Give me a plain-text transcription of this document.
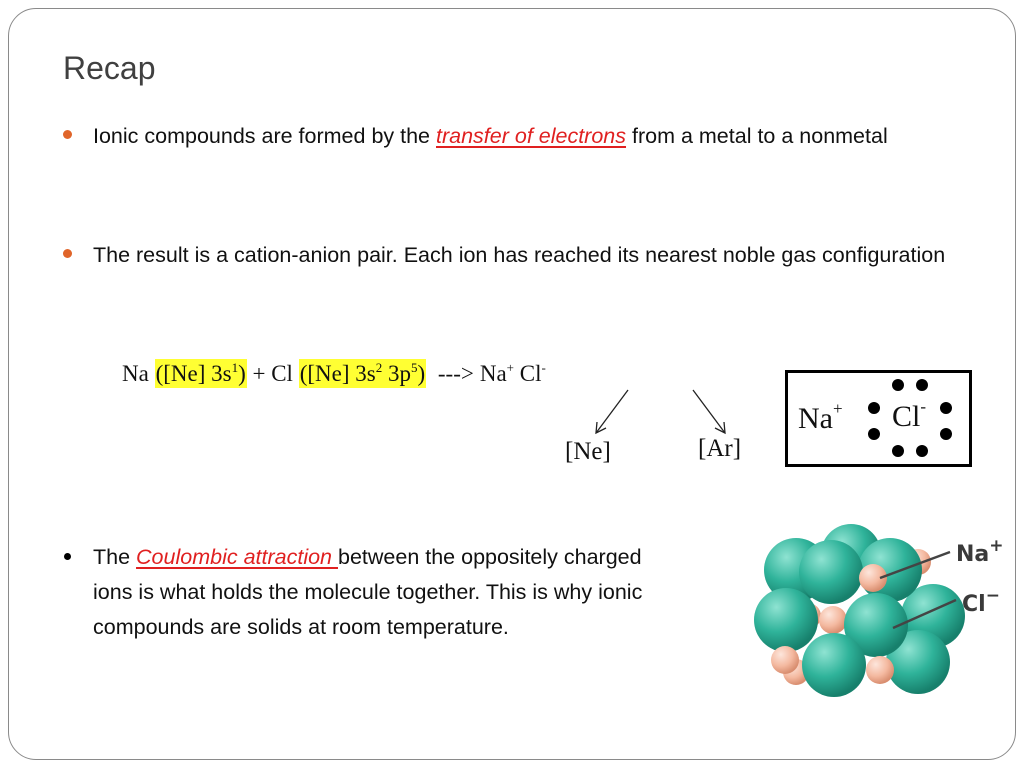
Recap

Ionic compounds are formed by the transfer of electrons from a metal to a nonmetal

The result is a cation-anion pair. Each ion has reached its nearest noble gas configuration

Na ([Ne] $3s^1) + Cl$ ([Ne] $3s^2$ $3p^5$) ---> Na+ Cl-

[Ne]	[Ar]
Na+ Cl-

The Coulombic attraction between the oppositely charged ions is what holds the molecule together. This is why ionic compounds are solids at room temperature.

Na+
Cl−
